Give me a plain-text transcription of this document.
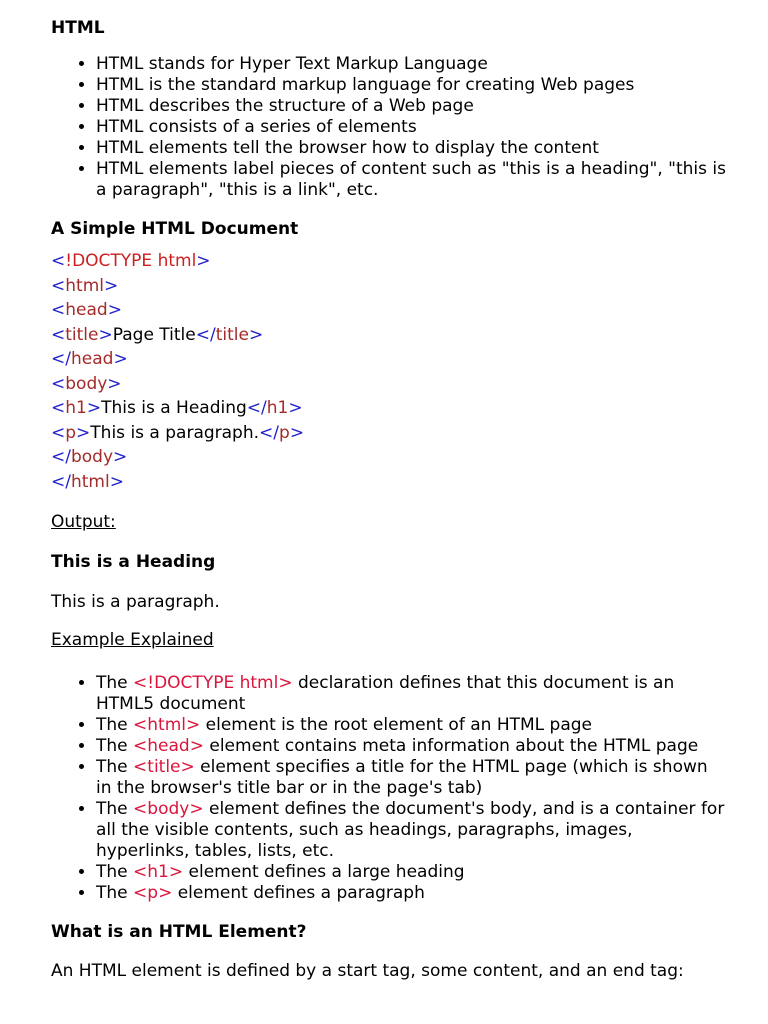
HTML
• HTML stands for Hyper Text Markup Language
• HTML is the standard markup language for creating Web pages
• HTML describes the structure of a Web page
• HTML consists of a series of elements
• HTML elements tell the browser how to display the content
• HTML elements label pieces of content such as "this is a heading", "this is a paragraph", "this is a link", etc.
A Simple HTML Document
<!DOCTYPE html>
<html>
<head>
<title>Page Title</title>
</head>
<body>
<h1>This is a Heading</h1>
<p>This is a paragraph.</p>
</body>
</html>

Output:

This is a Heading

This is a paragraph.

Example Explained

• The <!DOCTYPE html> declaration defines that this document is an HTML5 document
• The <html> element is the root element of an HTML page
• The <head> element contains meta information about the HTML page
• The <title> element specifies a title for the HTML page (which is shown in the browser's title bar or in the page's tab)
• The <body> element defines the document's body, and is a container for all the visible contents, such as headings, paragraphs, images, hyperlinks, tables, lists, etc.
• The <h1> element defines a large heading
• The <p> element defines a paragraph
What is an HTML Element?

An HTML element is defined by a start tag, some content, and an end tag:
